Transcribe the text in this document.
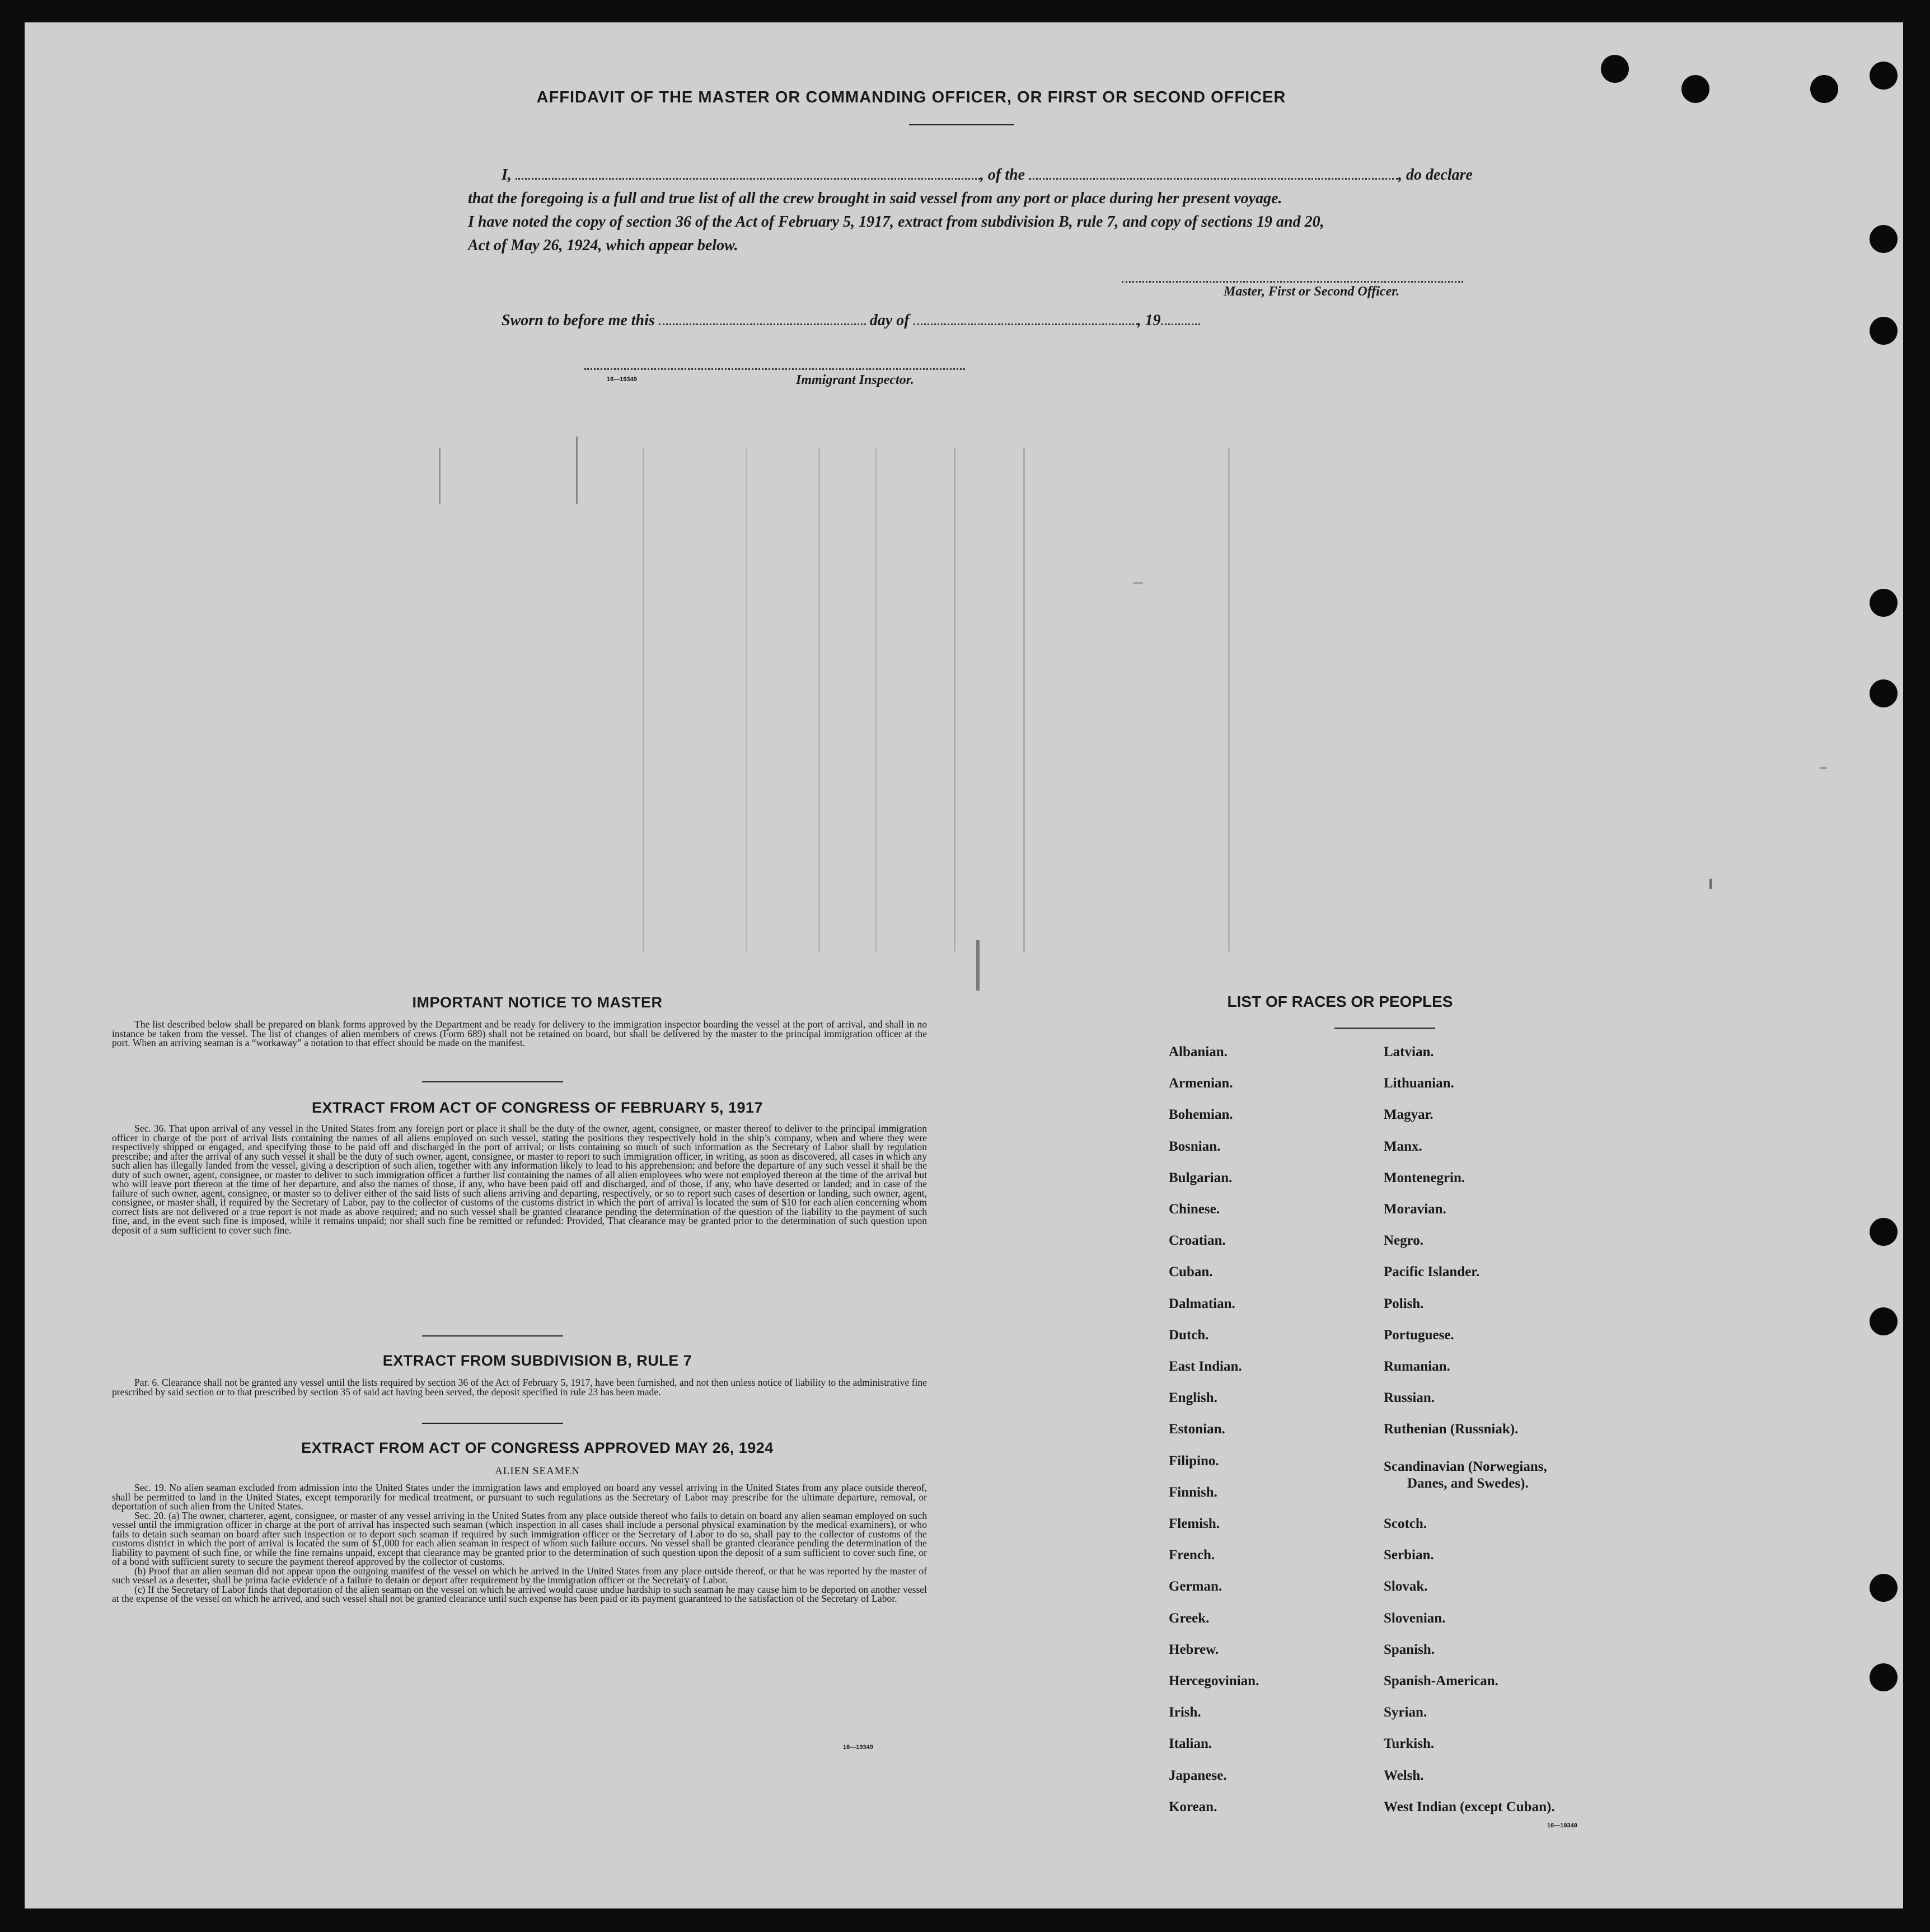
AFFIDAVIT OF THE MASTER OR COMMANDING OFFICER, OR FIRST OR SECOND OFFICER
I,	, of the	, do declare
that the foregoing is a full and true list of all the crew brought in said vessel from any port or place during her present voyage.
I have noted the copy of section 36 of the Act of February 5, 1917, extract from subdivision B, rule 7, and copy of sections 19 and 20,
Act of May 26, 1924, which appear below.
Master, First or Second Officer.
Sworn to before me this	day of	, 19
16—19349	Immigrant Inspector.
IMPORTANT NOTICE TO MASTER
The list described below shall be prepared on blank forms approved by the Department and be ready for delivery to the immigration inspector boarding the vessel at the port of arrival, and shall in no instance be taken from the vessel. The list of changes of alien members of crews (Form 689) shall not be retained on board, but shall be delivered by the master to the principal immigration officer at the port. When an arriving seaman is a “workaway” a notation to that effect should be made on the manifest.
EXTRACT FROM ACT OF CONGRESS OF FEBRUARY 5, 1917
Sec. 36. That upon arrival of any vessel in the United States from any foreign port or place it shall be the duty of the owner, agent, consignee, or master thereof to deliver to the principal immigration officer in charge of the port of arrival lists containing the names of all aliens employed on such vessel, stating the positions they respectively hold in the ship’s company, when and where they were respectively shipped or engaged, and specifying those to be paid off and discharged in the port of arrival; or lists containing so much of such information as the Secretary of Labor shall by regulation prescribe; and after the arrival of any such vessel it shall be the duty of such owner, agent, consignee, or master to report to such immigration officer, in writing, as soon as discovered, all cases in which any such alien has illegally landed from the vessel, giving a description of such alien, together with any information likely to lead to his apprehension; and before the departure of any such vessel it shall be the duty of such owner, agent, consignee, or master to deliver to such immigration officer a further list containing the names of all alien employees who were not employed thereon at the time of the arrival but who will leave port thereon at the time of her departure, and also the names of those, if any, who have been paid off and discharged, and of those, if any, who have deserted or landed; and in case of the failure of such owner, agent, consignee, or master so to deliver either of the said lists of such aliens arriving and departing, respectively, or so to report such cases of desertion or landing, such owner, agent, consignee, or master shall, if required by the Secretary of Labor, pay to the collector of customs of the customs district in which the port of arrival is located the sum of $10 for each alien concerning whom correct lists are not delivered or a true report is not made as above required; and no such vessel shall be granted clearance pending the determination of the question of the liability to the payment of such fine, and, in the event such fine is imposed, while it remains unpaid; nor shall such fine be remitted or refunded: Provided, That clearance may be granted prior to the determination of such question upon deposit of a sum sufficient to cover such fine.
EXTRACT FROM SUBDIVISION B, RULE 7
Par. 6. Clearance shall not be granted any vessel until the lists required by section 36 of the Act of February 5, 1917, have been furnished, and not then unless notice of liability to the administrative fine prescribed by said section or to that prescribed by section 35 of said act having been served, the deposit specified in rule 23 has been made.
EXTRACT FROM ACT OF CONGRESS APPROVED MAY 26, 1924
ALIEN SEAMEN

Sec. 19. No alien seaman excluded from admission into the United States under the immigration laws and employed on board any vessel arriving in the United States from any place outside thereof, shall be permitted to land in the United States, except temporarily for medical treatment, or pursuant to such regulations as the Secretary of Labor may prescribe for the ultimate departure, removal, or deportation of such alien from the United States.

Sec. 20. (a) The owner, charterer, agent, consignee, or master of any vessel arriving in the United States from any place outside thereof who fails to detain on board any alien seaman employed on such vessel until the immigration officer in charge at the port of arrival has inspected such seaman (which inspection in all cases shall include a personal physical examination by the medical examiners), or who fails to detain such seaman on board after such inspection or to deport such seaman if required by such immigration officer or the Secretary of Labor to do so, shall pay to the collector of customs of the customs district in which the port of arrival is located the sum of $1,000 for each alien seaman in respect of whom such failure occurs. No vessel shall be granted clearance pending the determination of the liability to payment of such fine, or while the fine remains unpaid, except that clearance may be granted prior to the determination of such question upon the deposit of a sum sufficient to cover such fine, or of a bond with sufficient surety to secure the payment thereof approved by the collector of customs.

(b) Proof that an alien seaman did not appear upon the outgoing manifest of the vessel on which he arrived in the United States from any place outside thereof, or that he was reported by the master of such vessel as a deserter, shall be prima facie evidence of a failure to detain or deport after requirement by the immigration officer or the Secretary of Labor.

(c) If the Secretary of Labor finds that deportation of the alien seaman on the vessel on which he arrived would cause undue hardship to such seaman he may cause him to be deported on another vessel at the expense of the vessel on which he arrived, and such vessel shall not be granted clearance until such expense has been paid or its payment guaranteed to the satisfaction of the Secretary of Labor.

16—19349
LIST OF RACES OR PEOPLES
16—19349
Albanian.
Armenian.
Bohemian.
Bosnian.
Bulgarian.
Chinese.
Croatian.
Cuban.
Dalmatian.
Dutch.
East Indian.
English.
Estonian.
Filipino.
Finnish.
Flemish.
French.
German.
Greek.
Hebrew.
Hercegovinian.
Irish.
Italian.
Japanese.
Korean.
Latvian.
Lithuanian.
Magyar.
Manx.
Montenegrin.
Moravian.
Negro.
Pacific Islander.
Polish.
Portuguese.
Rumanian.
Russian.
Ruthenian (Russniak).
Scandinavian (Norwegians,
Danes, and Swedes).
Scotch.
Serbian.
Slovak.
Slovenian.
Spanish.
Spanish-American.
Syrian.
Turkish.
Welsh.
West Indian (except Cuban).
